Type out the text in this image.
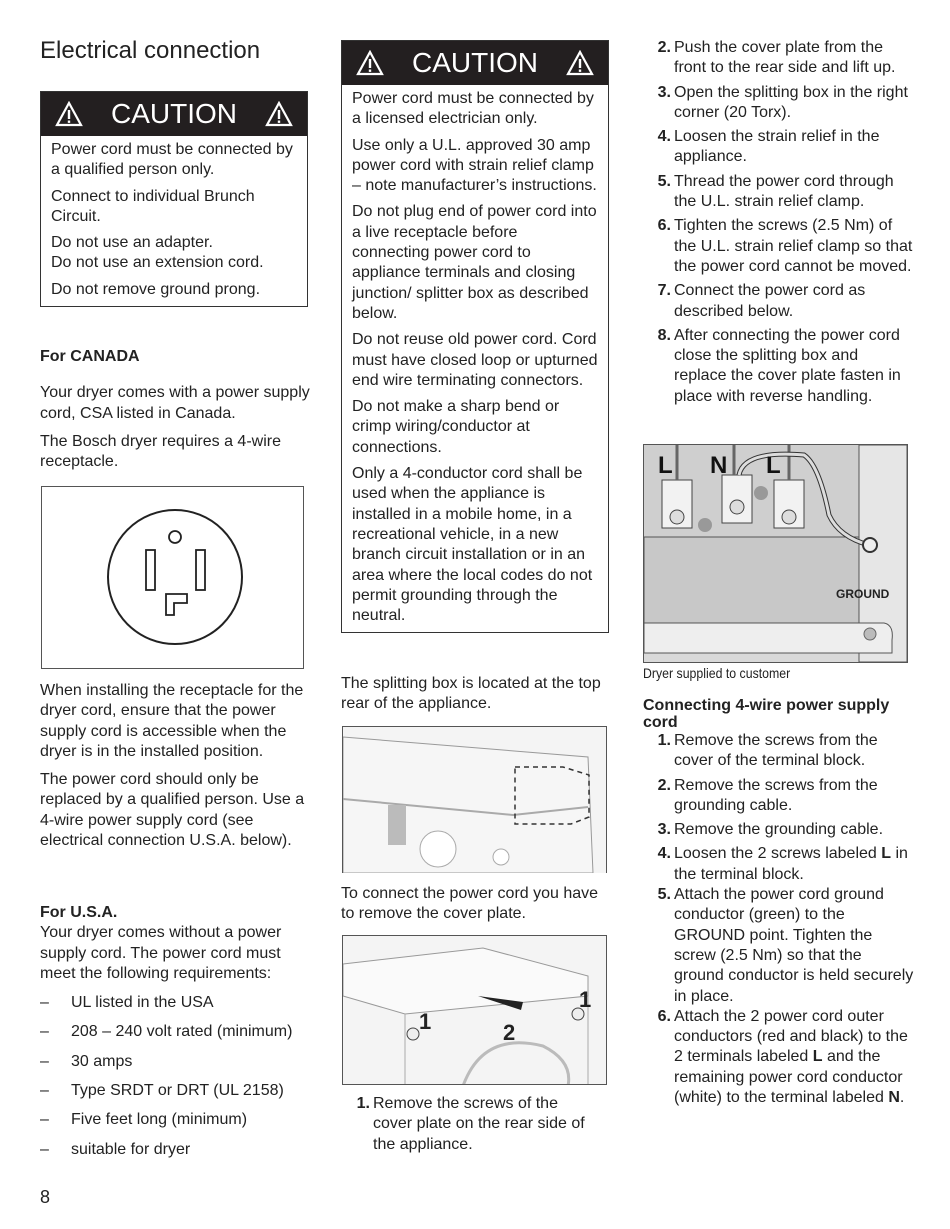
Electrical connection
CAUTION

Power cord must be connected by a qualified person only.

Connect to individual Brunch Circuit.

Do not use an adapter.

Do not use an extension cord.

Do not remove ground prong.

For CANADA

Your dryer comes with a power supply cord, CSA listed in Canada.

The Bosch dryer requires a 4-wire receptacle.

When installing the receptacle for the dryer cord, ensure that the power supply cord is accessible when the dryer is in the installed position.

The power cord should only be replaced by a qualified person. Use a 4-wire power supply cord (see electrical connection U.S.A. below).

For U.S.A.

Your dryer comes without a power supply cord. The power cord must meet the following requirements:

–	UL listed in the USA
–	208 – 240 volt rated (minimum)
–	30 amps
–	Type SRDT or DRT (UL 2158)
–	Five feet long (minimum)
–	suitable for dryer
8
CAUTION

Power cord must be connected by a licensed electrician only.

Use only a U.L. approved 30 amp power cord with strain relief clamp – note manufacturer’s instructions.

Do not plug end of power cord into a live receptacle before connecting power cord to appliance terminals and closing junction/ splitter box as described below.

Do not reuse old power cord. Cord must have closed loop or upturned end wire terminating connectors.

Do not make a sharp bend or crimp wiring/conductor at connections.

Only a 4-conductor cord shall be used when the appliance is installed in a mobile home, in a recreational vehicle, in a new branch circuit installation or in an area where the local codes do not permit grounding through the neutral.

The splitting box is located at the top rear of the appliance.

To connect the power cord you have to remove the cover plate.

1	2
1
1. Remove the screws of the cover plate on the rear side of the appliance.
2. Push the cover plate from the front to the rear side and lift up.
3. Open the splitting box in the right corner (20 Torx).
4. Loosen the strain relief in the appliance.
5. Thread the power cord through the U.L. strain relief clamp.
6. Tighten the screws (2.5 Nm) of the U.L. strain relief clamp so that the power cord cannot be moved.
7. Connect the power cord as described below.
8. After connecting the power cord close the splitting box and replace the cover plate fasten in place with reverse handling.
L N L
GROUND
Dryer supplied to customer
Connecting 4-wire power supply cord
1. Remove the screws from the cover of the terminal block.
2. Remove the screws from the grounding cable.
3. Remove the grounding cable.
4. Loosen the 2 screws labeled L in the terminal block.
5. Attach the power cord ground conductor (green) to the GROUND point. Tighten the screw (2.5 Nm) so that the ground conductor is held securely in place.
6. Attach the 2 power cord outer conductors (red and black) to the 2 terminals labeled L and the remaining power cord conductor (white) to the terminal labeled N.
